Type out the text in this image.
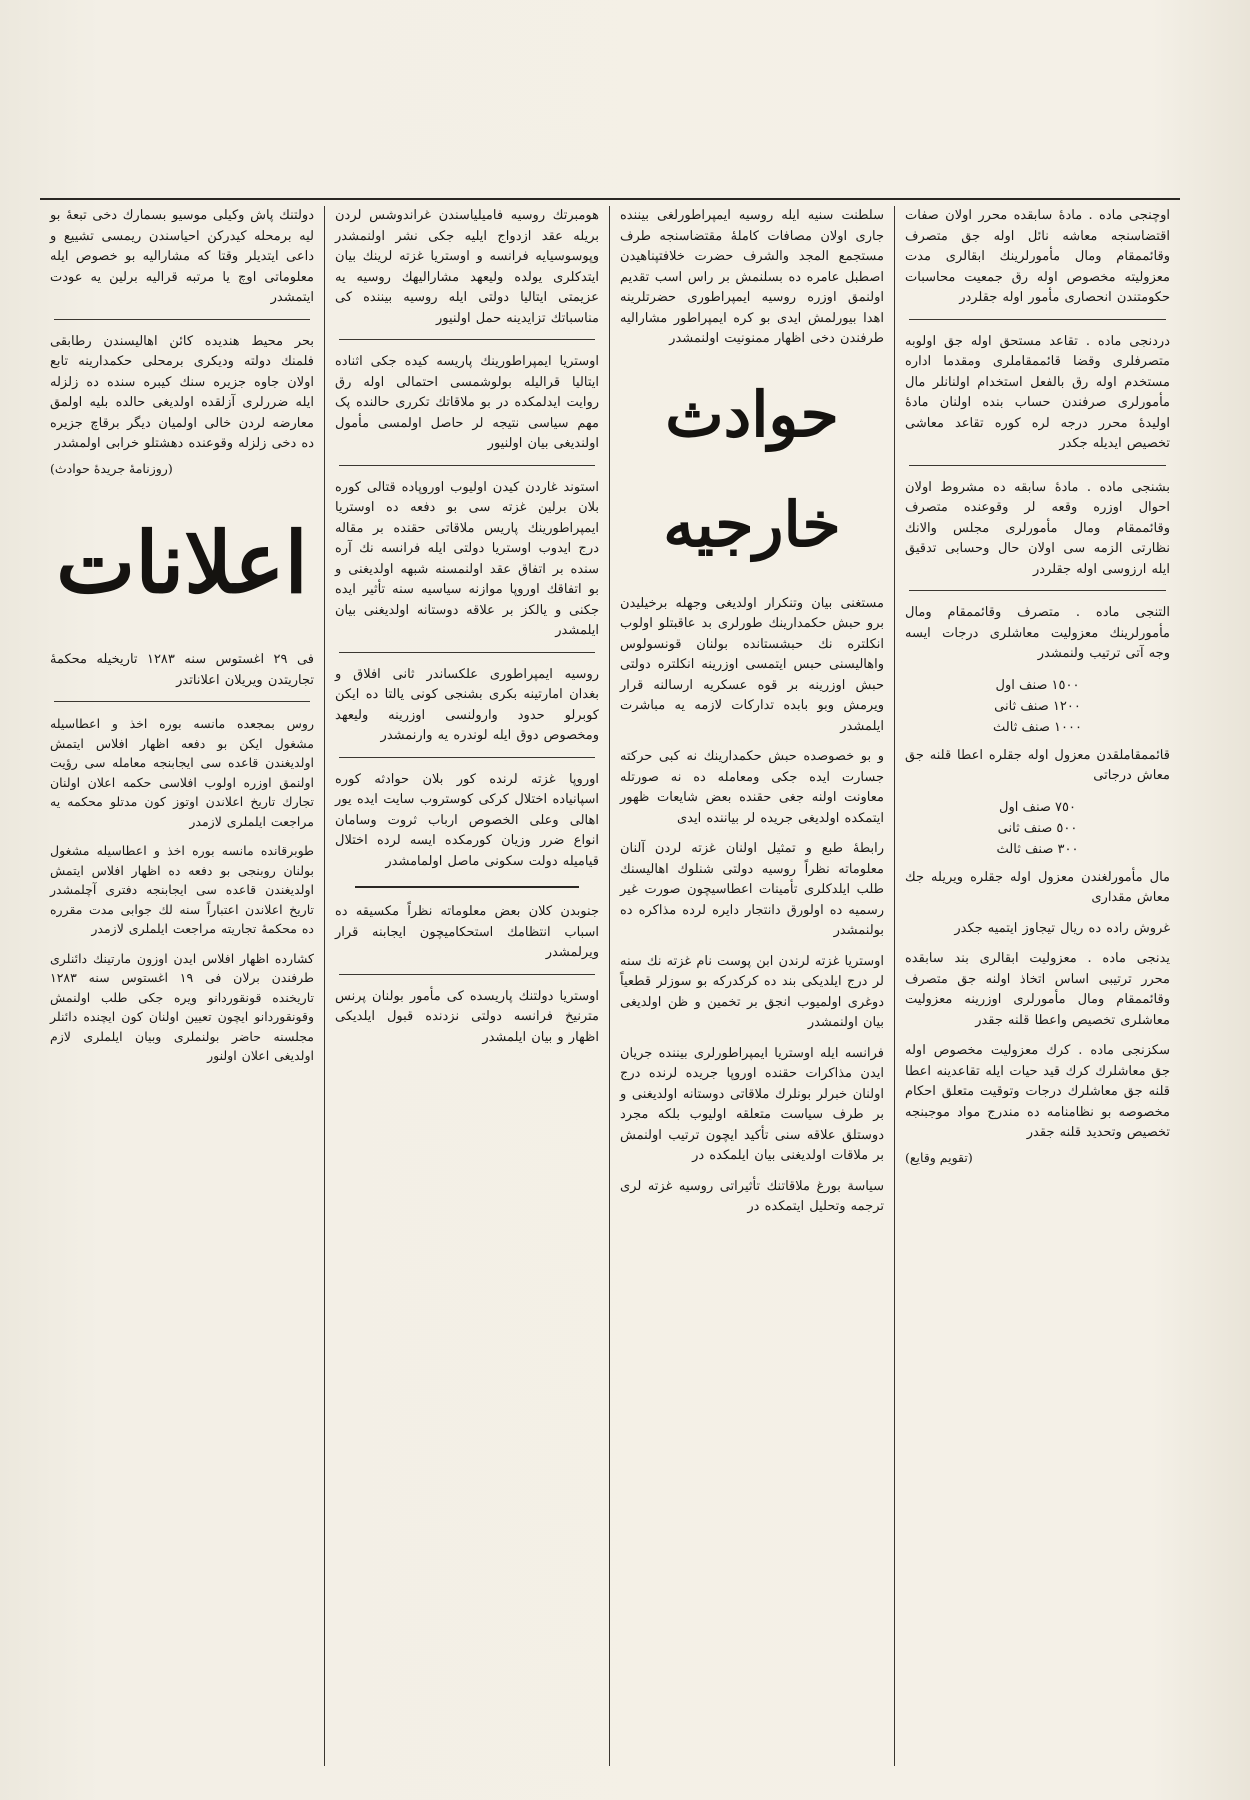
اوچنجی ماده . مادهٔ سابقده محرر اولان صفات اقتضاسنجه معاشه نائل اوله جق متصرف وقائممقام ومال مأمورلرینك ابقالری مدت معزولیته مخصوص اوله رق جمعیت محاسبات حکومتندن انحصاری مأمور اوله جقلردر

دردنجی ماده . تقاعد مستحق اوله جق اولوبه متصرفلری وقضا قائممقاملری ومقدما اداره مستخدم اوله رق بالفعل استخدام اولنانلر مال مأمورلری صرفندن حساب بنده اولنان مادهٔ اولیدهٔ محرر درجه لره کوره تقاعد معاشی تخصیص ایدیله جکدر

بشنجی ماده . مادهٔ سابقه ده مشروط اولان احوال اوزره وقعه لر وقوعنده متصرف وقائممقام ومال مأمورلری مجلس والانك نظارتی الزمه سی اولان حال وحسابی تدقیق ایله ارزوسی اوله جقلردر

التنجی ماده . متصرف وقائممقام ومال مأمورلرینك معزولیت معاشلری درجات ایسه وجه آتی ترتیب ولنمشدر

١٥٠٠ صنف اول
١٢٠٠ صنف ثانی
١٠٠٠ صنف ثالث

قائممقاملقدن معزول اوله جقلره اعطا قلنه جق معاش درجاتی

٧٥٠ صنف اول
٥٠٠ صنف ثانی
٣٠٠ صنف ثالث

مال مأمورلغندن معزول اوله جقلره ویریله جك معاش مقداری

غروش راده ده ریال تیجاوز ایتمیه جکدر

یدنجی ماده . معزولیت ابقالری بند سابقده محرر ترتیبی اساس اتخاذ اولنه جق متصرف وقائممقام ومال مأمورلری اوزرینه معزولیت معاشلری تخصیص واعطا قلنه جقدر

سکزنجی ماده . کرك معزولیت مخصوص اوله جق معاشلرك کرك قید حیات ایله تقاعدینه اعطا قلنه جق معاشلرك درجات وتوقیت متعلق احکام مخصوصه بو نظامنامه ده مندرج مواد موجبنجه تخصیص وتحدید قلنه جقدر

(تقویم وقایع)

سلطنت سنیه ایله روسیه ایمپراطورلغی بیننده جاری اولان مصافات کاملهٔ مقتضاسنجه طرف مستجمع المجد والشرف حضرت خلافتپناهیدن اصطبل عامره ده بسلنمش بر راس اسب تقدیم اولنمق اوزره روسیه ایمپراطوری حضرتلرینه اهدا بیورلمش ایدی بو کره ایمپراطور مشارالیه طرفندن دخی اظهار ممنونیت اولنمشدر

حوادث خارجیه

مستغنی بیان وتنکرار اولدیغی وجهله برخیلیدن برو حبش حکمدارینك طورلری بد عاقبتلو اولوب انكلتره نك حبشستانده بولنان قونسولوس واهالیسنی حبس ایتمسی اوزرینه انکلتره دولتی حبش اوزرینه بر قوه عسکریه ارسالنه قرار ویرمش وبو بابده تدارکات لازمه یه مباشرت ایلمشدر

و بو خصوصده حبش حکمدارینك نه کبی حرکته جسارت ایده جکی ومعامله ده نه صورتله معاونت اولنه جغی حقنده بعض شایعات ظهور ایتمکده اولدیغی جریده لر بیاننده ایدی

رابطهٔ طبع و تمثیل اولنان غزته لردن آلنان معلوماته نظراً روسیه دولتی شنلوك اهالیسنك طلب ایلدکلری تأمینات اعطاسیچون صورت غیر رسمیه ده اولورق دانتجار دایره لرده مذاکره ده بولنمشدر

اوستریا غزته لرندن ابن پوست نام غزته نك سنه لر درج ایلدیکی بند ده کرکدرکه بو سوزلر قطعیاً دوغری اولمیوب انجق بر تخمین و ظن اولدیغی بیان اولنمشدر

فرانسه ایله اوستریا ایمپراطورلری بیننده جریان ایدن مذاکرات حقنده اوروپا جریده لرنده درج اولنان خبرلر بونلرك ملاقاتی دوستانه اولدیغنی و بر طرف سیاست متعلقه اولیوب بلکه مجرد دوستلق علاقه سنی تأکید ایچون ترتیب اولنمش بر ملاقات اولدیغنی بیان ایلمکده در

سیاسة بورغ ملاقاتنك تأثیراتی روسیه غزته لری ترجمه وتحلیل ایتمکده در

هومبرتك روسیه فامیلیاسندن غراندوشس لردن بریله عقد ازدواج ایلیه جکی نشر اولنمشدر وپوسوسیایه فرانسه و اوستریا غزته لرینك بیان ایتدکلری یولده ولیعهد مشارالیهك روسیه یه عزیمتی ایتالیا دولتی ایله روسیه بیننده کی مناسباتك تزایدینه حمل اولنیور

اوستریا ایمپراطورینك پاریسه کیده جکی اثناده ایتالیا قرالیله بولوشمسی احتمالی اوله رق روایت ایدلمکده در بو ملاقاتك تکرری حالنده پک مهم سیاسی نتیجه لر حاصل اولمسی مأمول اولندیغی بیان اولنیور

استوند غاردن کیدن اولیوب اوروپاده قتالی کوره بلان برلین غزته سی بو دفعه ده اوستریا ایمپراطورینك پاریس ملاقاتی حقنده بر مقاله درج ایدوب اوستریا دولتی ایله فرانسه نك آره سنده بر اتفاق عقد اولنمسنه شبهه اولدیغنی و بو اتفاقك اوروپا موازنه سیاسیه سنه تأثیر ایده جکنی و یالکز بر علاقه دوستانه اولدیغنی بیان ایلمشدر

روسیه ایمپراطوری علکساندر ثانی افلاق و بغدان امارتینه بکری بشنجی کونی یالتا ده ایکن کوبرلو حدود وارولنسی اوزرینه ولیعهد ومخصوص دوق ایله لوندره یه وارنمشدر

اوروپا غزته لرنده کور بلان حوادثه کوره اسپانیاده اختلال کرکی کوستروب سایت ایده یور اهالی وعلی الخصوص ارباب ثروت وسامان انواع ضرر وزیان کورمکده ایسه لرده اختلال قیامیله دولت سکونی ماصل اولمامشدر

جنوبدن کلان بعض معلوماته نظراً مکسیقه ده اسباب انتظامك استحکامیچون ایجابنه قرار ویرلمشدر

اوستریا دولتنك پاریسده کی مأمور بولنان پرنس مترنیخ فرانسه دولتی نزدنده قبول ایلدیکی اظهار و بیان ایلمشدر

دولتنك پاش وکیلی موسیو بسمارك دخی تبعهٔ بو لیه برمحله کیدرکن احیاسندن ریمسی تشییع و داعی ایتدیلر وقتا که مشارالیه بو خصوص ایله معلوماتی اوچ یا مرتبه قرالیه برلین یه عودت ایتمشدر

بحر محیط هندیده کائن اهالیسندن رطابقی فلمنك دولته ودیکری برمحلی حکمدارینه تابع اولان جاوه جزیره سنك کیبره سنده ده زلزله ایله ضررلری آزلقده اولدیغی حالده بلیه اولمق معارضه لردن خالی اولمیان دیگر برقاچ جزیره ده دخی زلزله وقوعنده دهشتلو خرابی اولمشدر

(روزنامهٔ جریدهٔ حوادث)

اعلانات

فی ٢٩ اغستوس سنه ١٢٨٣ تاریخیله محکمهٔ تجاریتدن ویریلان اعلاناتدر

روس بمجعده مانسه بوره اخذ و اعطاسیله مشغول ایکن بو دفعه اظهار افلاس ایتمش اولدیغندن قاعده سی ایجابنجه معامله سی رؤیت اولنمق اوزره اولوب افلاسی حکمه اعلان اولنان تجارك تاریخ اعلاندن اوتوز کون مدتلو محکمه یه مراجعت ایلملری لازمدر

طوبرقانده مانسه بوره اخذ و اعطاسیله مشغول بولنان روبنجی بو دفعه ده اظهار افلاس ایتمش اولدیغندن قاعده سی ایجابنجه دفتری آچلمشدر تاریخ اعلاندن اعتباراً سنه لك جوابی مدت مقرره ده محکمهٔ تجاریته مراجعت ایلملری لازمدر

کشارده اظهار افلاس ایدن اوزون مارتینك دائنلری طرفندن برلان فی ١٩ اغستوس سنه ١٢٨٣ تاریخنده قونقوردانو ویره جکی طلب اولنمش وقونقوردانو ایچون تعیین اولنان کون ایچنده دائنلر مجلسنه حاضر بولنملری وبیان ایلملری لازم اولدیغی اعلان اولنور
